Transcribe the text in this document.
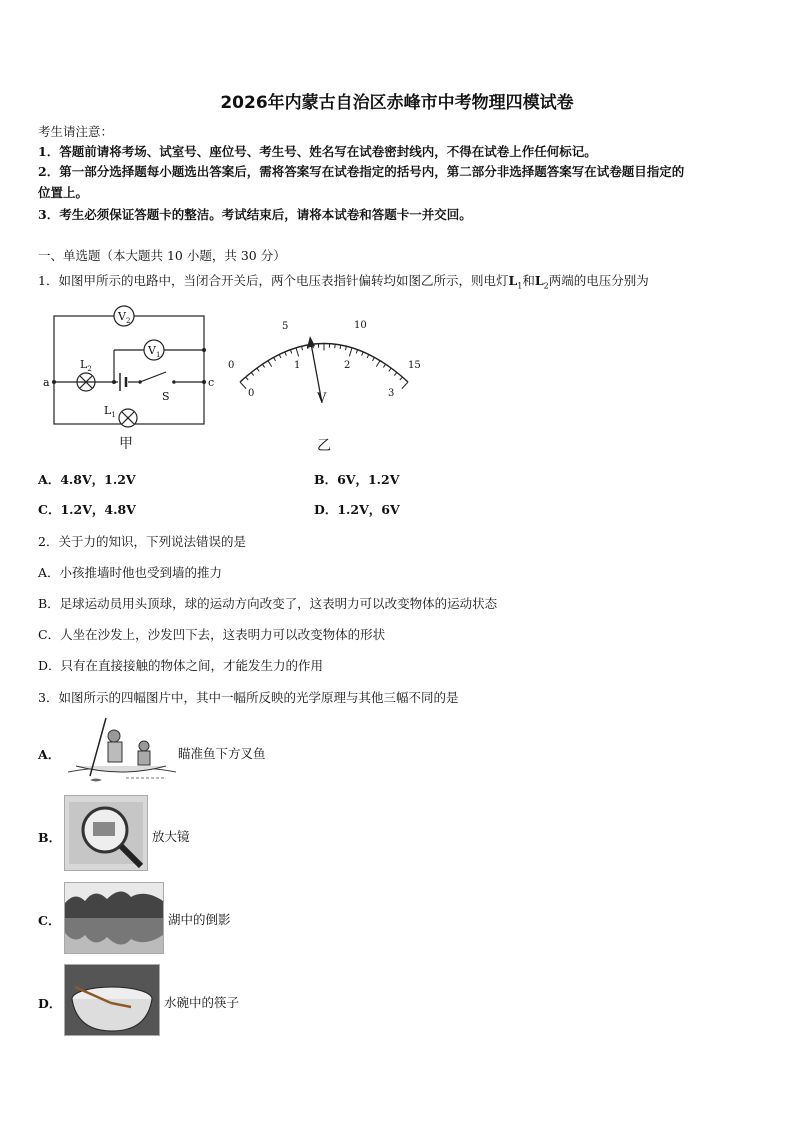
2026年内蒙古自治区赤峰市中考物理四模试卷
考生请注意：
1．答题前请将考场、试室号、座位号、考生号、姓名写在试卷密封线内，不得在试卷上作任何标记。
2．第一部分选择题每小题选出答案后，需将答案写在试卷指定的括号内，第二部分非选择题答案写在试卷题目指定的
位置上。
3．考生必须保证答题卡的整洁。考试结束后，请将本试卷和答题卡一并交回。
一、单选题（本大题共 10 小题，共 30 分）
1．如图甲所示的电路中，当闭合开关后，两个电压表指针偏转均如图乙所示，则电灯$L_1$和$L_2$两端的电压分别为
$V_2$
$V_1$
$L_2$
$L_1$
a	c
S
甲
0
5	10
15
0
1	2
3
V
乙
A．4.8V，1.2V	B．6V，1.2V
C．1.2V，4.8V	D．1.2V，6V
2．关于力的知识，下列说法错误的是
A．小孩推墙时他也受到墙的推力
B．足球运动员用头顶球，球的运动方向改变了，这表明力可以改变物体的运动状态
C．人坐在沙发上，沙发凹下去，这表明力可以改变物体的形状
D．只有在直接接触的物体之间，才能发生力的作用
3．如图所示的四幅图片中，其中一幅所反映的光学原理与其他三幅不同的是
A．	瞄准鱼下方叉鱼
B．	放大镜
C．	湖中的倒影
D．	水碗中的筷子
